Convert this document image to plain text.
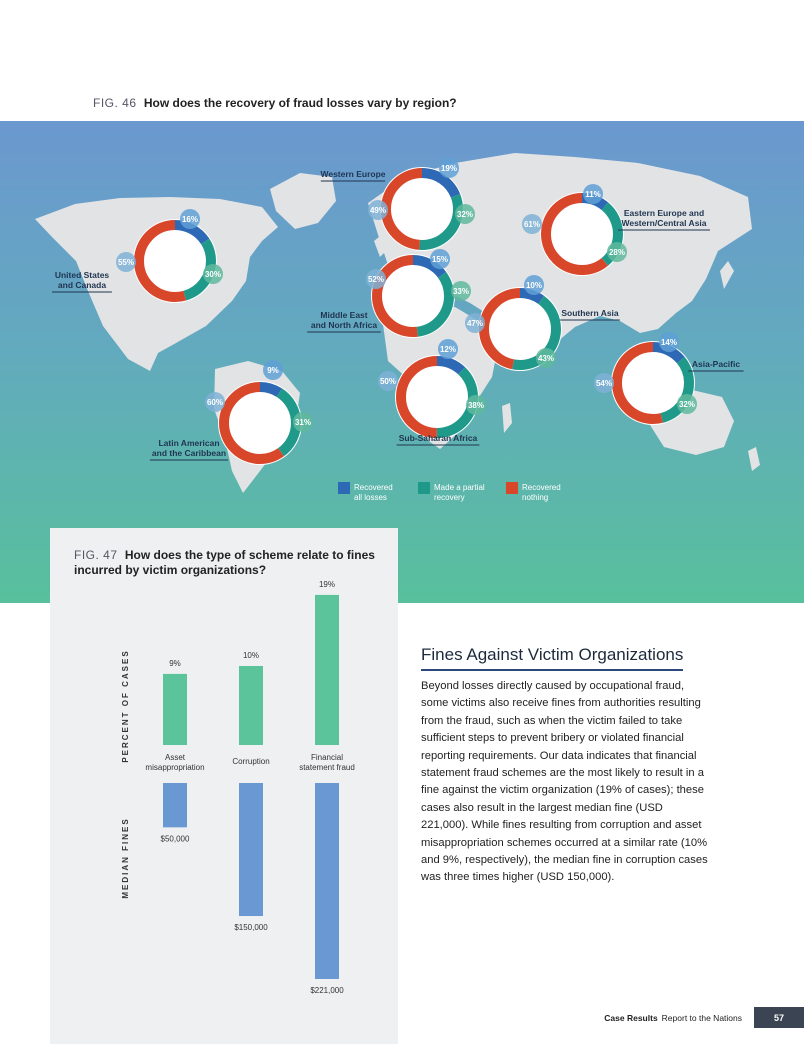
FIG. 46 How does the recovery of fraud losses vary by region?
16%
30%
55%
19%
32%
49%
11%
28%
61%
15%
33%
52%
10%
43%
47%
14%
32%
54%
9%
31%
60%
12%
38%
50%
United States
and Canada
Western Europe
Eastern Europe and
Western/Central Asia
Middle East
and North Africa
Southern Asia
Asia-Pacific
Latin American
and the Caribbean
Sub-Saharan Africa
Recovered
all losses
Made a partial
recovery
Recovered
nothing
FIG. 47 How does the type of scheme relate to fines incurred by victim organizations?
PERCENT OF CASES
MEDIAN FINES
9%
Asset
misappropriation
$50,000
10%
Corruption
$150,000
19%
Financial
statement fraud
$221,000
Fines Against Victim Organizations

Beyond losses directly caused by occupational fraud, some victims also receive fines from authorities resulting from the fraud, such as when the victim failed to take sufficient steps to prevent bribery or violated financial reporting requirements. Our data indicates that financial statement fraud schemes are the most likely to result in a fine against the victim organization (19% of cases); these cases also result in the largest median fine (USD 221,000). While fines resulting from corruption and asset misappropriation schemes occurred at a similar rate (10% and 9%, respectively), the median fine in corruption cases was three times higher (USD 150,000).

Case Results Report to the Nations	57
